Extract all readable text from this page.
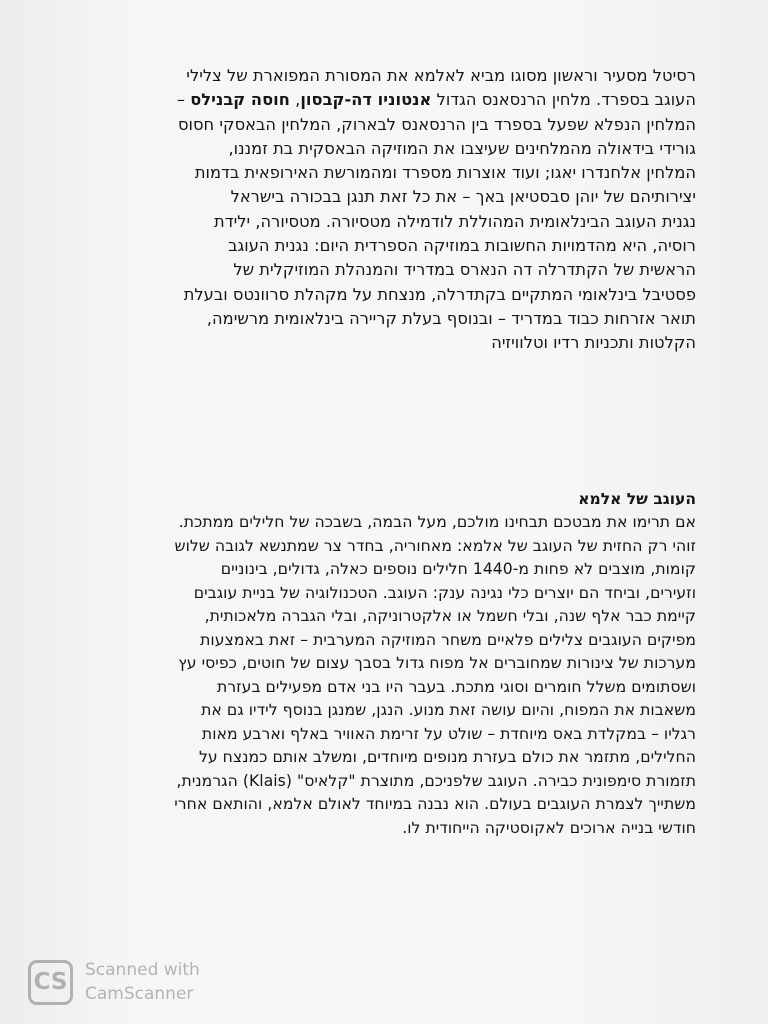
רסיטל מסעיר וראשון מסוגו מביא לאלמא את המסורת המפוארת של צלילי
העוגב בספרד. מלחין הרנסאנס הגדול אנטוניו דה-קבסון, חוסה קבנילס –
המלחין הנפלא שפעל בספרד בין הרנסאנס לבארוק, המלחין הבאסקי חסוס
גורידי בידאולה מהמלחינים שעיצבו את המוזיקה הבאסקית בת זמננו,
המלחין אלחנדרו יאגו; ועוד אוצרות מספרד ומהמורשת האירופאית בדמות
יצירותיהם של יוהן סבסטיאן באך – את כל זאת תנגן בבכורה בישראל
נגנית העוגב הבינלאומית המהוללת לודמילה מטסיורה. מטסיורה, ילידת
רוסיה, היא מהדמויות החשובות במוזיקה הספרדית היום: נגנית העוגב
הראשית של הקתדרלה דה הנארס במדריד והמנהלת המוזיקלית של
פסטיבל בינלאומי המתקיים בקתדרלה, מנצחת על מקהלת סרוונטס ובעלת
תואר אזרחות כבוד במדריד – ובנוסף בעלת קריירה בינלאומית מרשימה,
הקלטות ותכניות רדיו וטלוויזיה
העוגב של אלמא
אם תרימו את מבטכם תבחינו מולכם, מעל הבמה, בשבכה של חלילים ממתכת.
זוהי רק החזית של העוגב של אלמא: מאחוריה, בחדר צר שמתנשא לגובה שלוש
קומות, מוצבים לא פחות מ-1440 חלילים נוספים כאלה, גדולים, בינוניים
וזעירים, וביחד הם יוצרים כלי נגינה ענק: העוגב. הטכנולוגיה של בניית עוגבים
קיימת כבר אלף שנה, ובלי חשמל או אלקטרוניקה, ובלי הגברה מלאכותית,
מפיקים העוגבים צלילים פלאיים משחר המוזיקה המערבית – זאת באמצעות
מערכות של צינורות שמחוברים אל מפוח גדול בסבך עצום של חוטים, כפיסי עץ
ושסתומים משלל חומרים וסוגי מתכת. בעבר היו בני אדם מפעילים בעזרת
משאבות את המפוח, והיום עושה זאת מנוע. הנגן, שמנגן בנוסף לידיו גם את
רגליו – במקלדת באס מיוחדת – שולט על זרימת האוויר באלף וארבע מאות
החלילים, מתזמר את כולם בעזרת מנופים מיוחדים, ומשלב אותם כמנצח על
תזמורת סימפונית כבירה. העוגב שלפניכם, מתוצרת "קלאיס" (Klais) הגרמנית,
משתייך לצמרת העוגבים בעולם. הוא נבנה במיוחד לאולם אלמא, והותאם אחרי
חודשי בנייה ארוכים לאקוסטיקה הייחודית לו.
CS	Scanned with
CamScanner
